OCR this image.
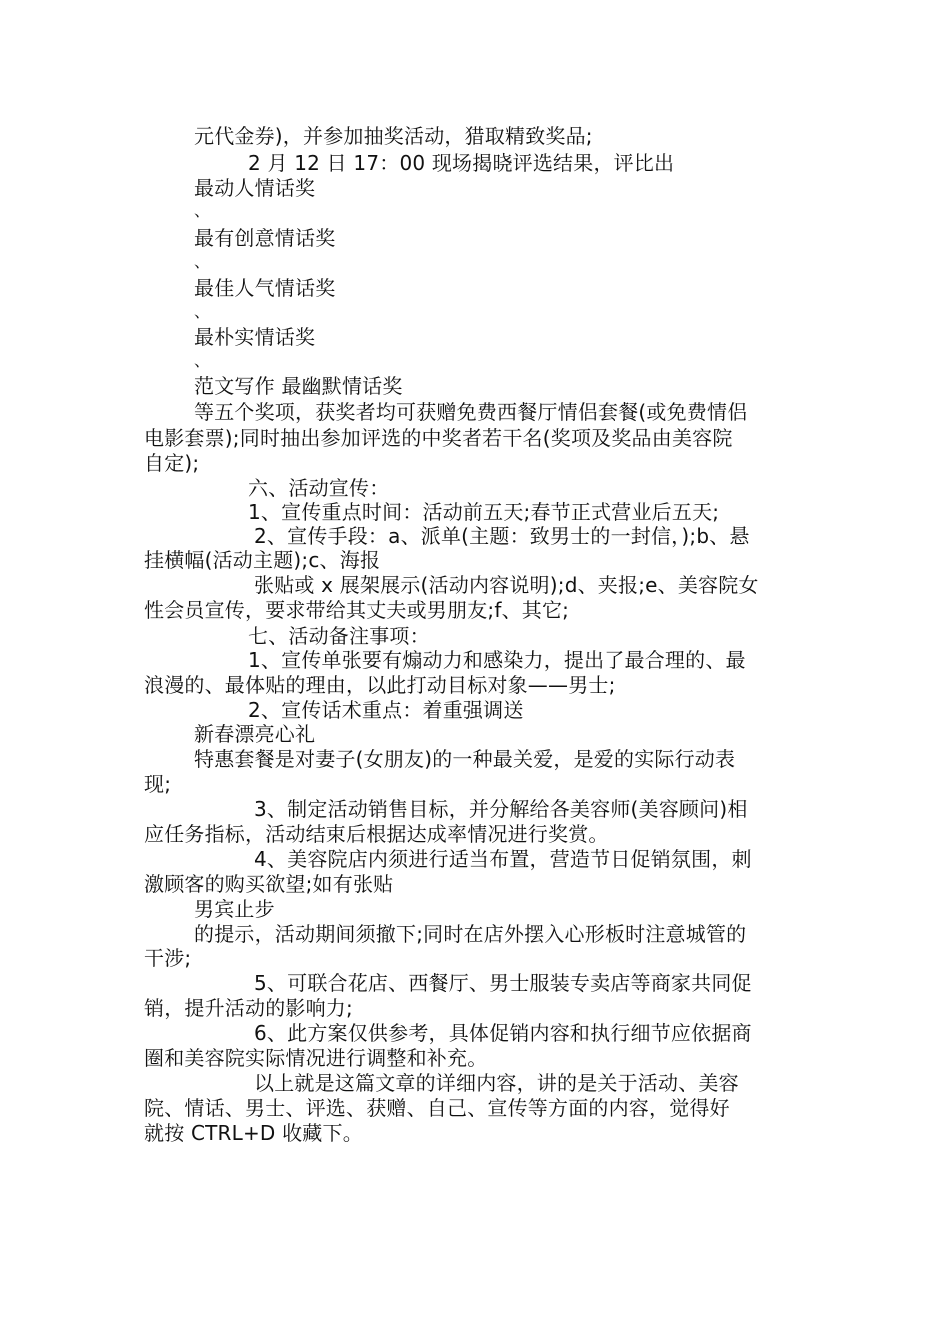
元代金券)，并参加抽奖活动，猎取精致奖品;
2 月 12 日 17：00 现场揭晓评选结果，评比出
最动人情话奖
、
最有创意情话奖
、
最佳人气情话奖
、
最朴实情话奖
、
范文写作 最幽默情话奖
等五个奖项，获奖者均可获赠免费西餐厅情侣套餐(或免费情侣
电影套票);同时抽出参加评选的中奖者若干名(奖项及奖品由美容院
自定);
六、活动宣传：
1、宣传重点时间：活动前五天;春节正式营业后五天;
2、宣传手段：a、派单(主题：致男士的一封信，);b、悬
挂横幅(活动主题);c、海报
张贴或 x 展架展示(活动内容说明);d、夹报;e、美容院女
性会员宣传，要求带给其丈夫或男朋友;f、其它;
七、活动备注事项：
1、宣传单张要有煽动力和感染力，提出了最合理的、最
浪漫的、最体贴的理由，以此打动目标对象——男士;
2、宣传话术重点：着重强调送
新春漂亮心礼
特惠套餐是对妻子(女朋友)的一种最关爱，是爱的实际行动表
现;
3、制定活动销售目标，并分解给各美容师(美容顾问)相
应任务指标，活动结束后根据达成率情况进行奖赏。
4、美容院店内须进行适当布置，营造节日促销氛围，刺
激顾客的购买欲望;如有张贴
男宾止步
的提示，活动期间须撤下;同时在店外摆入心形板时注意城管的
干涉;
5、可联合花店、西餐厅、男士服装专卖店等商家共同促
销，提升活动的影响力;
6、此方案仅供参考，具体促销内容和执行细节应依据商
圈和美容院实际情况进行调整和补充。
以上就是这篇文章的详细内容，讲的是关于活动、美容
院、情话、男士、评选、获赠、自己、宣传等方面的内容，觉得好
就按 CTRL+D 收藏下。
